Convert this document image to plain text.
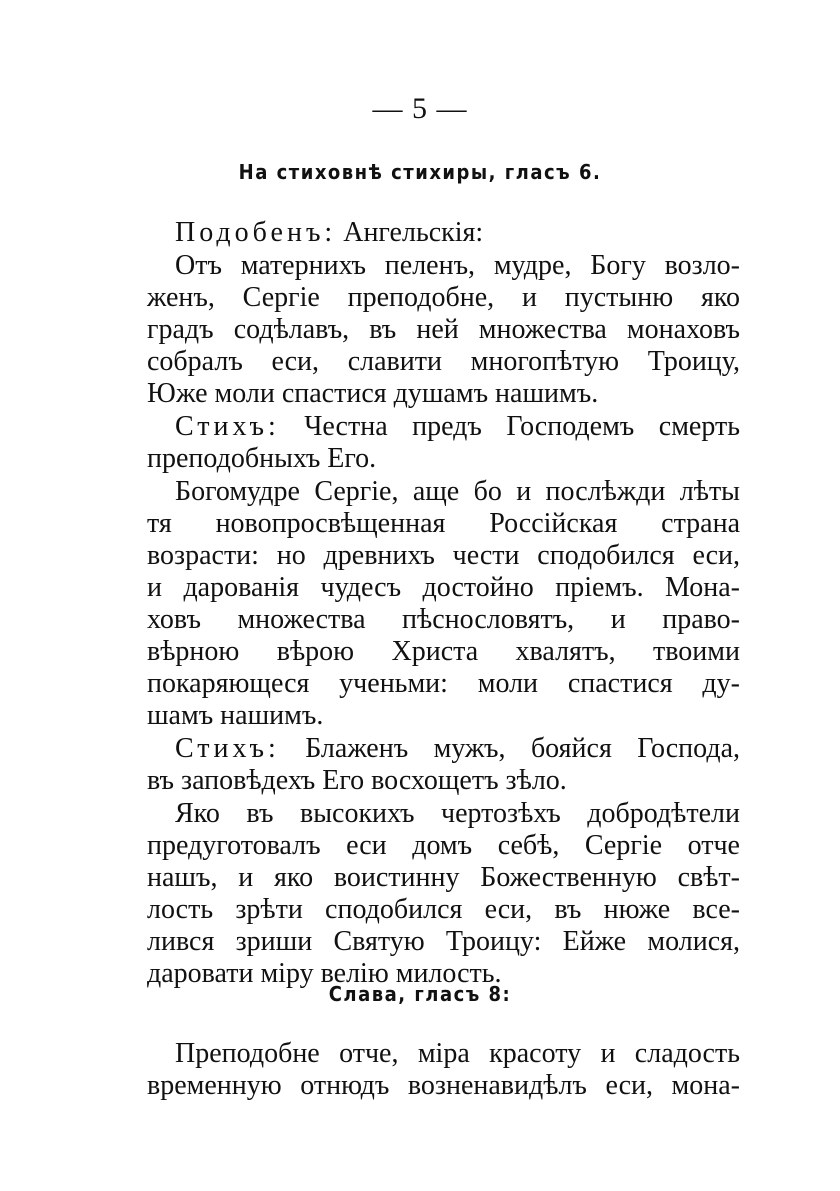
— 5 —
На стиховнѣ стихиры, гласъ 6.
Подобенъ: Ангельскія:
Отъ матернихъ пеленъ, мудре, Богу возло-
женъ, Сергіе преподобне, и пустыню яко
градъ содѣлавъ, въ ней множества монаховъ
собралъ еси, славити многопѣтую Троицу,
Юже моли спастися душамъ нашимъ.
Стихъ: Честна предъ Господемъ смерть
преподобныхъ Его.
Богомудре Сергіе, аще бо и послѣжди лѣты
тя новопросвѣщенная Россійская страна
возрасти: но древнихъ чести сподобился еси,
и дарованія чудесъ достойно пріемъ. Мона-
ховъ множества пѣснословятъ, и право-
вѣрною вѣрою Христа хвалятъ, твоими
покаряющеся ученьми: моли спастися ду-
шамъ нашимъ.
Стихъ: Блаженъ мужъ, бояйся Господа,
въ заповѣдехъ Его восхощетъ зѣло.
Яко въ высокихъ чертозѣхъ добродѣтели
предуготовалъ еси домъ себѣ, Сергіе отче
нашъ, и яко воистинну Божественную свѣт-
лость зрѣти сподобился еси, въ нюже все-
лився зриши Святую Троицу: Ейже молися,
даровати міру велію милость.
Слава, гласъ 8:
Преподобне отче, міра красоту и сладость
временную отнюдъ возненавидѣлъ еси, мона-
